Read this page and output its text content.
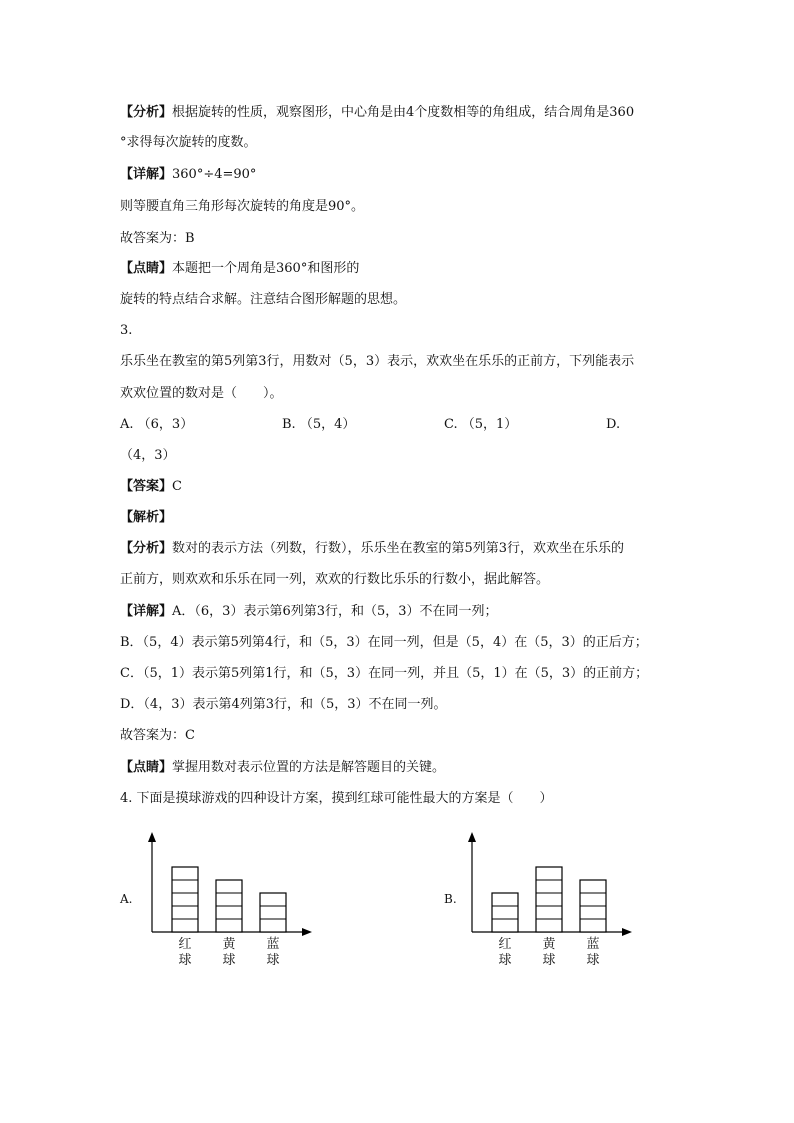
【分析】根据旋转的性质，观察图形，中心角是由4个度数相等的角组成，结合周角是360
°求得每次旋转的度数。
【详解】360°÷4=90°
则等腰直角三角形每次旋转的角度是90°。
故答案为：B
【点睛】本题把一个周角是360°和图形的
旋转的特点结合求解。注意结合图形解题的思想。
3.
乐乐坐在教室的第5列第3行，用数对（5，3）表示，欢欢坐在乐乐的正前方，下列能表示
欢欢位置的数对是（　　）。
A. （6，3）	B. （5，4）	C. （5，1）	D.
（4，3）
【答案】C
【解析】
【分析】数对的表示方法（列数，行数），乐乐坐在教室的第5列第3行，欢欢坐在乐乐的
正前方，则欢欢和乐乐在同一列，欢欢的行数比乐乐的行数小，据此解答。
【详解】A．（6，3）表示第6列第3行，和（5，3）不在同一列；
B．（5，4）表示第5列第4行，和（5，3）在同一列，但是（5，4）在（5，3）的正后方；
C．（5，1）表示第5列第1行，和（5，3）在同一列，并且（5，1）在（5，3）的正前方；
D．（4，3）表示第4列第3行，和（5，3）不在同一列。
故答案为：C
【点睛】掌握用数对表示位置的方法是解答题目的关键。
4. 下面是摸球游戏的四种设计方案，摸到红球可能性最大的方案是（　　）
A.
红
球
黄
球
蓝
球
B.
红
球
黄
球
蓝
球
